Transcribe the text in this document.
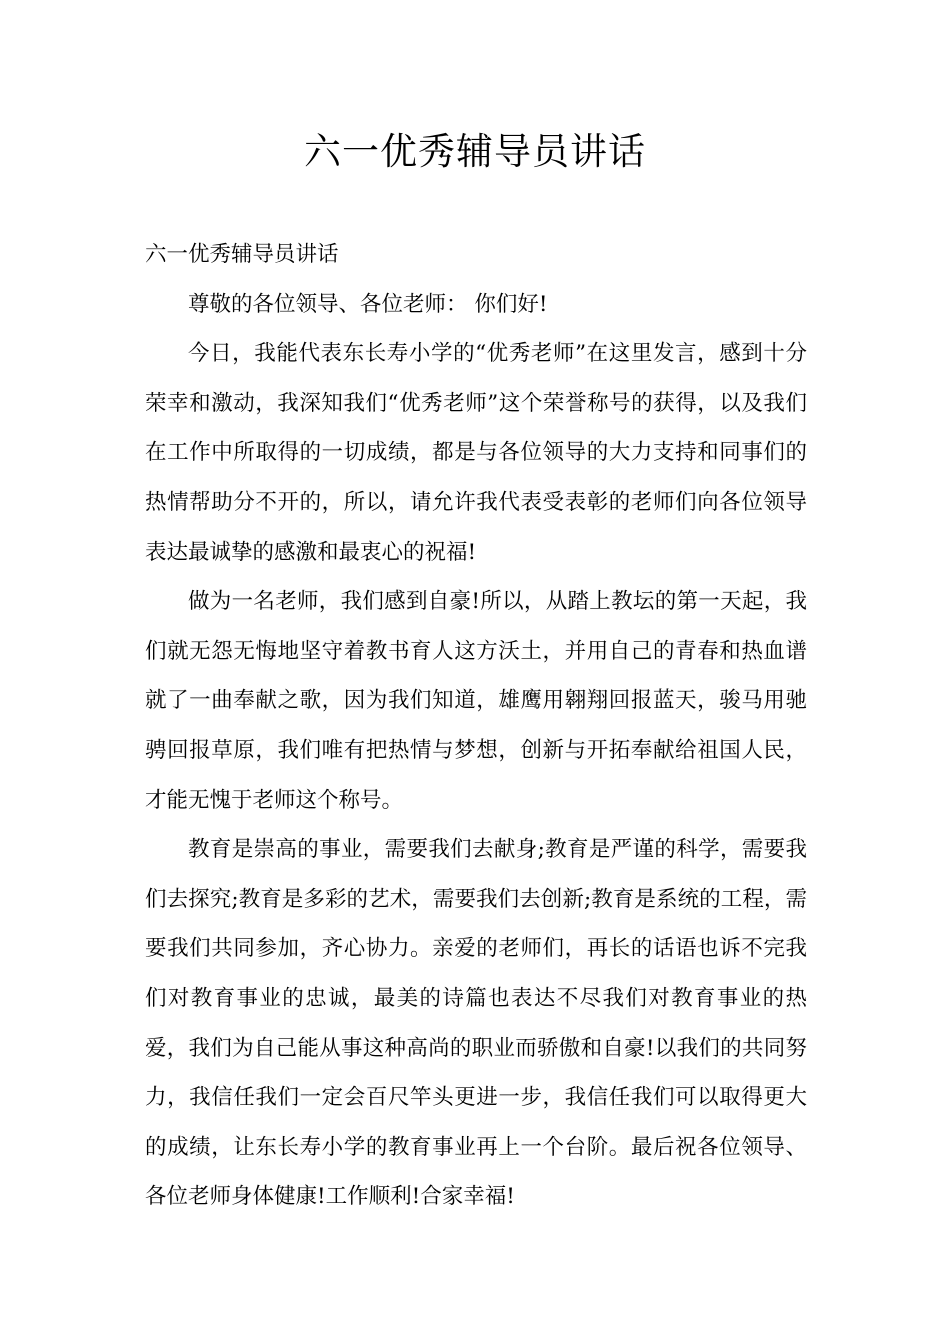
六一优秀辅导员讲话

六一优秀辅导员讲话

尊敬的各位领导、各位老师： 你们好!

今日，我能代表东长寿小学的“优秀老师”在这里发言，感到十分荣幸和激动，我深知我们“优秀老师”这个荣誉称号的获得，以及我们在工作中所取得的一切成绩，都是与各位领导的大力支持和同事们的热情帮助分不开的，所以，请允许我代表受表彰的老师们向各位领导表达最诚挚的感激和最衷心的祝福!

做为一名老师，我们感到自豪!所以，从踏上教坛的第一天起，我们就无怨无悔地坚守着教书育人这方沃土，并用自己的青春和热血谱就了一曲奉献之歌，因为我们知道，雄鹰用翱翔回报蓝天，骏马用驰骋回报草原，我们唯有把热情与梦想，创新与开拓奉献给祖国人民，才能无愧于老师这个称号。

教育是崇高的事业，需要我们去献身;教育是严谨的科学，需要我们去探究;教育是多彩的艺术，需要我们去创新;教育是系统的工程，需要我们共同参加，齐心协力。亲爱的老师们，再长的话语也诉不完我们对教育事业的忠诚，最美的诗篇也表达不尽我们对教育事业的热爱，我们为自己能从事这种高尚的职业而骄傲和自豪!以我们的共同努力，我信任我们一定会百尺竿头更进一步，我信任我们可以取得更大的成绩，让东长寿小学的教育事业再上一个台阶。最后祝各位领导、各位老师身体健康!工作顺利!合家幸福!
